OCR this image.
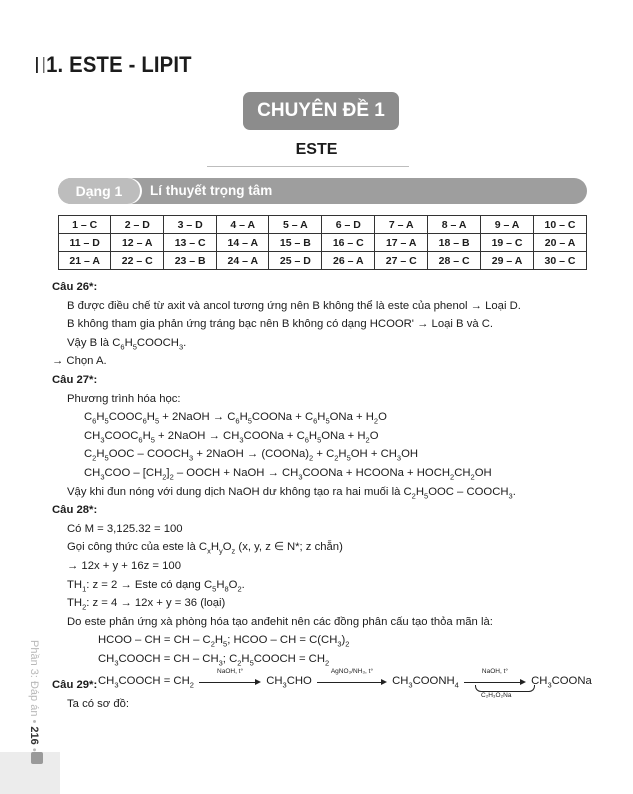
1. ESTE - LIPIT
CHUYÊN ĐỀ 1
ESTE
Dạng 1	Lí thuyết trọng tâm
1 – C	2 – D	3 – D	4 – A	5 – A	6 – D	7 – A	8 – A	9 – A	10 – C
11 – D	12 – A	13 – C	14 – A	15 – B	16 – C	17 – A	18 – B	19 – C	20 – A
21 – A	22 – C	23 – B	24 – A	25 – D	26 – A	27 – C	28 – C	29 – A	30 – C
Câu 26*:
B được điều chế từ axit và ancol tương ứng nên B không thể là este của phenol → Loại D.
B không tham gia phản ứng tráng bạc nên B không có dạng HCOOR' → Loại B và C.
Vậy B là $C_6H_5COOCH_3$.
→ Chọn A.
Câu 27*:
Phương trình hóa học:
$C_6H_5COOC_6H_5$ + 2NaOH → $C_6H_5COONa + C_6H_5ONa + H_2O$
$CH_3COOC_6H_5$ + 2NaOH → $CH_3COONa + C_6H_5ONa + H_2O$
$C_2H_5OOC$ – $COOCH_3$ + 2NaOH → $(COONa)_2 + C_2H_5OH + CH_3OH$
$CH_3COO - [CH_2]_2$ – OOCH + NaOH → $CH_3COONa$ + HCOONa + $HOCH_2CH_2OH$
Vậy khi đun nóng với dung dịch NaOH dư không tạo ra hai muối là $C_2H_5OOC$ – $COOCH_3$.
Câu 28*:
Có M = 3,125.32 = 100
Gọi công thức của este là $C_xH_yO_z$ (x, y, z ∈ N*; z chẵn)
→ 12x + y + 16z = 100
$TH_1$: z = 2 → Este có dạng $C_5H_8O_2$.
$TH_2$: z = 4 → 12x + y = 36 (loại)
Do este phản ứng xà phòng hóa tạo anđehit nên các đồng phân cấu tạo thỏa mãn là:
HCOO – CH = CH – $C_2H_5$; HCOO – CH = $C(CH_3)_2$
$CH_3COOCH$ = CH – $CH_3$; $C_2H_5COOCH = CH_2$
Câu 29*:
Ta có sơ đồ:
$CH_3COOCH = CH_2$
NaOH, t°
$CH_3CHO$
AgNO₃/NH₃, t°
$CH_3COONH_4$
NaOH, t°
$CH_3COONa$
C₂H₃O₂Na
Phần 3: Đáp án • 216 •
